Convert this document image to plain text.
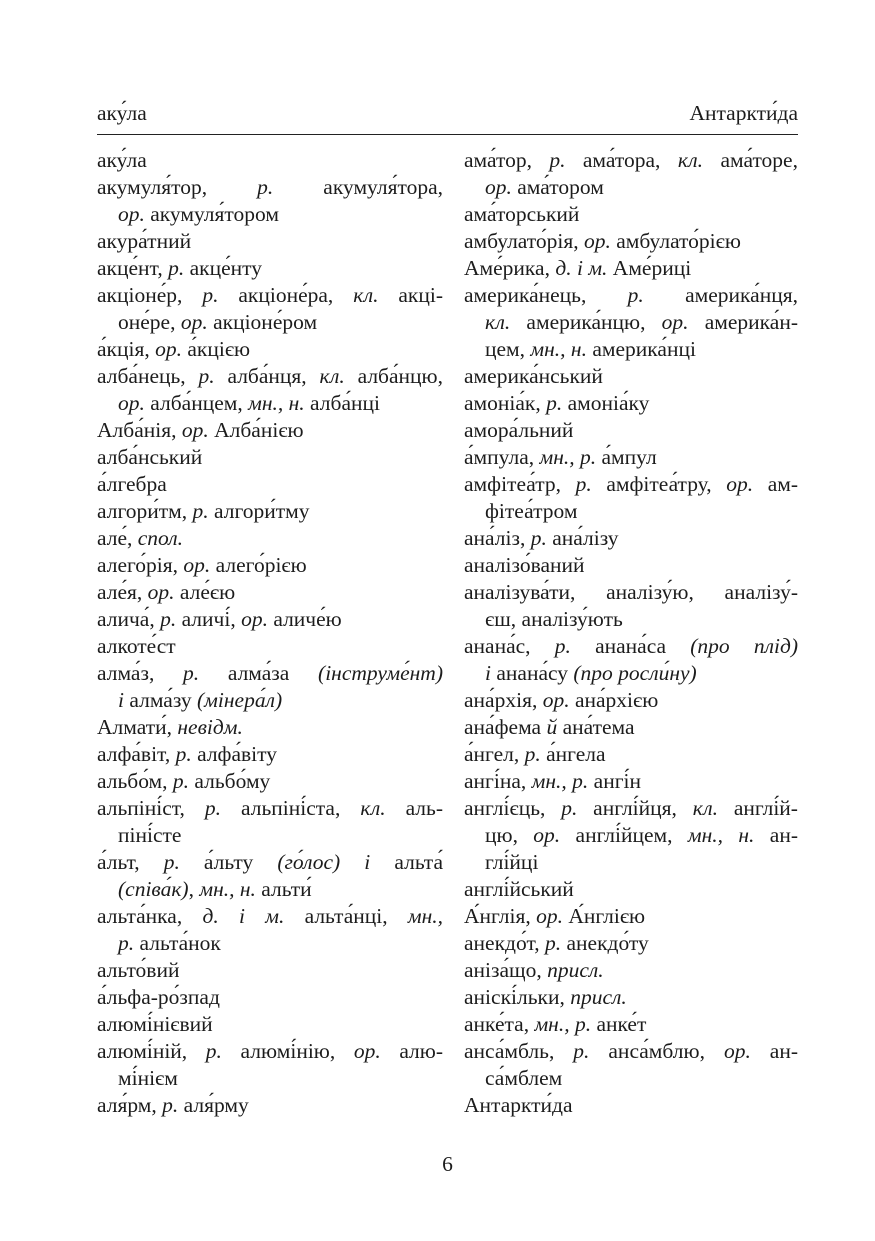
аку́ла	Антаркти́да
аку́ла
акумуля́тор, р. акумуля́тора,
ор. акумуля́тором
акура́тний
акце́нт, р. акце́нту
акціоне́р, р. акціоне́ра, кл. акці-
оне́ре, ор. акціоне́ром
а́кція, ор. а́кцією
алба́нець, р. алба́нця, кл. алба́нцю,
ор. алба́нцем, мн., н. алба́нці
Алба́нія, ор. Алба́нією
алба́нський
а́лгебра
алгори́тм, р. алгори́тму
але́, спол.
алего́рія, ор. алего́рією
але́я, ор. але́єю
алича́, р. аличі́, ор. аличе́ю
алкоте́ст
алма́з, р. алма́за (інструме́нт)
і алма́зу (мінера́л)
Алмати́, невідм.
алфа́віт, р. алфа́віту
альбо́м, р. альбо́му
альпіні́ст, р. альпіні́ста, кл. аль-
піні́сте
а́льт, р. а́льту (го́лос) і альта́
(співа́к), мн., н. альти́
альта́нка, д. і м. альта́нці, мн.,
р. альта́нок
альто́вий
а́льфа-ро́зпад
алюмі́нієвий
алюмі́ній, р. алюмі́нію, ор. алю-
мі́нієм
аля́рм, р. аля́рму
ама́тор, р. ама́тора, кл. ама́торе,
ор. ама́тором
ама́торський
амбулато́рія, ор. амбулато́рією
Аме́рика, д. і м. Аме́риці
америка́нець, р. америка́нця,
кл. америка́нцю, ор. америка́н-
цем, мн., н. америка́нці
америка́нський
амоніа́к, р. амоніа́ку
амора́льний
а́мпула, мн., р. а́мпул
амфітеа́тр, р. амфітеа́тру, ор. ам-
фітеа́тром
ана́ліз, р. ана́лізу
аналізо́ваний
аналізува́ти, аналізу́ю, аналізу́-
єш, аналізу́ють
анана́с, р. анана́са (про плід)
і анана́су (про росли́ну)
ана́рхія, ор. ана́рхією
ана́фема й ана́тема
а́нгел, р. а́нгела
ангі́на, мн., р. ангі́н
англі́єць, р. англі́йця, кл. англі́й-
цю, ор. англі́йцем, мн., н. ан-
глі́йці
англі́йський
А́нглія, ор. А́нглією
анекдо́т, р. анекдо́ту
аніза́що, присл.
аніскі́льки, присл.
анке́та, мн., р. анке́т
анса́мбль, р. анса́мблю, ор. ан-
са́мблем
Антаркти́да
6
